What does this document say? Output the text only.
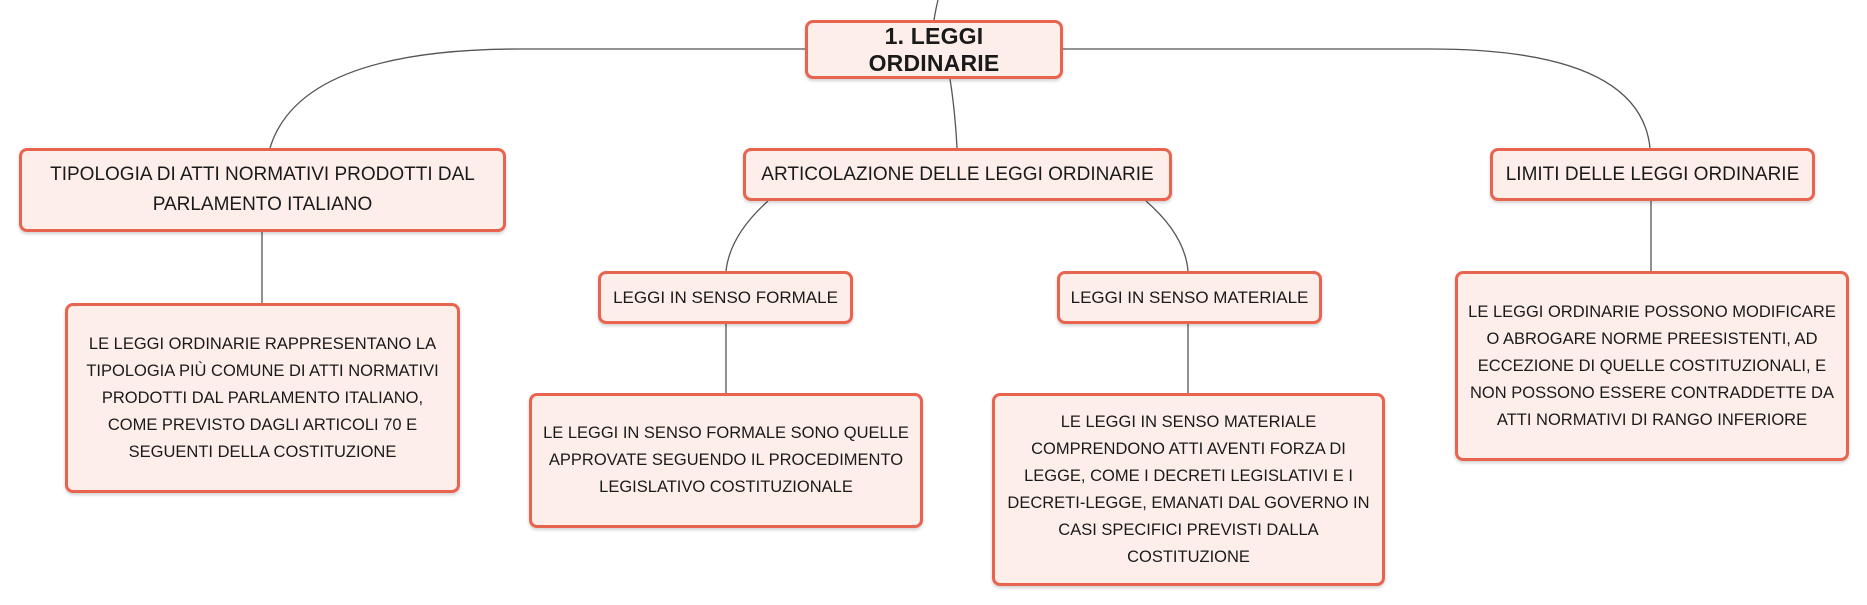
1. LEGGI ORDINARIE
TIPOLOGIA DI ATTI NORMATIVI PRODOTTI DAL PARLAMENTO ITALIANO
ARTICOLAZIONE DELLE LEGGI ORDINARIE	LIMITI DELLE LEGGI ORDINARIE
LEGGI IN SENSO FORMALE	LEGGI IN SENSO MATERIALE
LE LEGGI ORDINARIE RAPPRESENTANO LA TIPOLOGIA PIÙ COMUNE DI ATTI NORMATIVI PRODOTTI DAL PARLAMENTO ITALIANO, COME PREVISTO DAGLI ARTICOLI 70 E SEGUENTI DELLA COSTITUZIONE
LE LEGGI IN SENSO FORMALE SONO QUELLE APPROVATE SEGUENDO IL PROCEDIMENTO LEGISLATIVO COSTITUZIONALE
LE LEGGI IN SENSO MATERIALE COMPRENDONO ATTI AVENTI FORZA DI LEGGE, COME I DECRETI LEGISLATIVI E I DECRETI-LEGGE, EMANATI DAL GOVERNO IN CASI SPECIFICI PREVISTI DALLA COSTITUZIONE
LE LEGGI ORDINARIE POSSONO MODIFICARE O ABROGARE NORME PREESISTENTI, AD ECCEZIONE DI QUELLE COSTITUZIONALI, E NON POSSONO ESSERE CONTRADDETTE DA ATTI NORMATIVI DI RANGO INFERIORE
